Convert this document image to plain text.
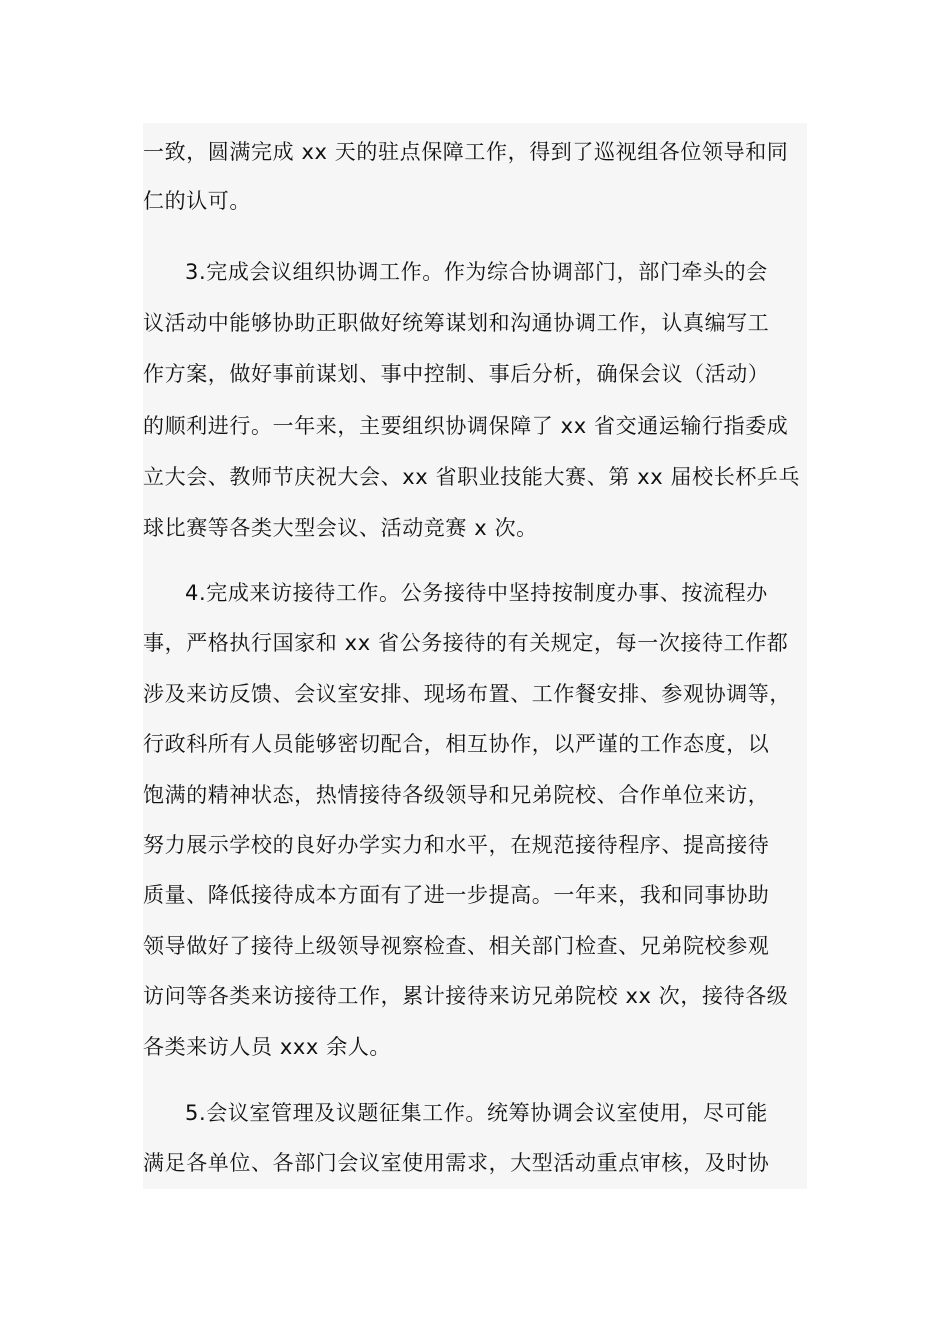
一致，圆满完成 xx 天的驻点保障工作，得到了巡视组各位领导和同
仁的认可。
3.完成会议组织协调工作。作为综合协调部门，部门牵头的会
议活动中能够协助正职做好统筹谋划和沟通协调工作，认真编写工
作方案，做好事前谋划、事中控制、事后分析，确保会议（活动）
的顺利进行。一年来，主要组织协调保障了 xx 省交通运输行指委成
立大会、教师节庆祝大会、xx 省职业技能大赛、第 xx 届校长杯乒乓
球比赛等各类大型会议、活动竞赛 x 次。
4.完成来访接待工作。公务接待中坚持按制度办事、按流程办
事，严格执行国家和 xx 省公务接待的有关规定，每一次接待工作都
涉及来访反馈、会议室安排、现场布置、工作餐安排、参观协调等，
行政科所有人员能够密切配合，相互协作，以严谨的工作态度，以
饱满的精神状态，热情接待各级领导和兄弟院校、合作单位来访，
努力展示学校的良好办学实力和水平，在规范接待程序、提高接待
质量、降低接待成本方面有了进一步提高。一年来，我和同事协助
领导做好了接待上级领导视察检查、相关部门检查、兄弟院校参观
访问等各类来访接待工作，累计接待来访兄弟院校 xx 次，接待各级
各类来访人员 xxx 余人。
5.会议室管理及议题征集工作。统筹协调会议室使用，尽可能
满足各单位、各部门会议室使用需求，大型活动重点审核，及时协
